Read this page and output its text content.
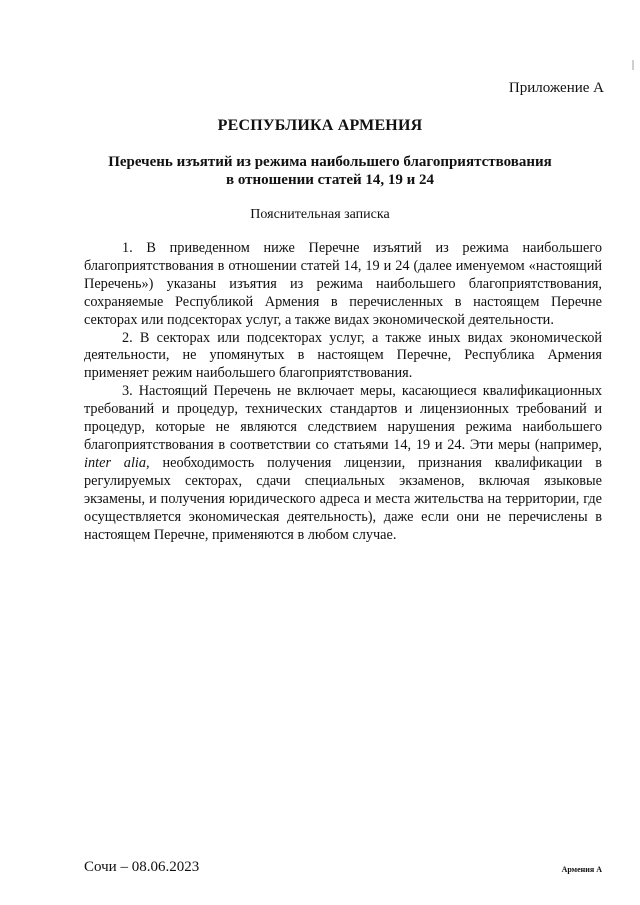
Приложение А
РЕСПУБЛИКА АРМЕНИЯ
Перечень изъятий из режима наибольшего благоприятствования
в отношении статей 14, 19 и 24
Пояснительная записка

1. В приведенном ниже Перечне изъятий из режима наибольшего благоприятствования в отношении статей 14, 19 и 24 (далее именуемом «настоящий Перечень») указаны изъятия из режима наибольшего благоприятствования, сохраняемые Республикой Армения в перечисленных в настоящем Перечне секторах или подсекторах услуг, а также видах экономической деятельности.

2. В секторах или подсекторах услуг, а также иных видах экономической деятельности, не упомянутых в настоящем Перечне, Республика Армения применяет режим наибольшего благоприятствования.

3. Настоящий Перечень не включает меры, касающиеся квалификационных требований и процедур, технических стандартов и лицензионных требований и процедур, которые не являются следствием нарушения режима наибольшего благоприятствования в соответствии со статьями 14, 19 и 24. Эти меры (например, inter alia, необходимость получения лицензии, признания квалификации в регулируемых секторах, сдачи специальных экзаменов, включая языковые экзамены, и получения юридического адреса и места жительства на территории, где осуществляется экономическая деятельность), даже если они не перечислены в настоящем Перечне, применяются в любом случае.

Сочи – 08.06.2023	Армения А
